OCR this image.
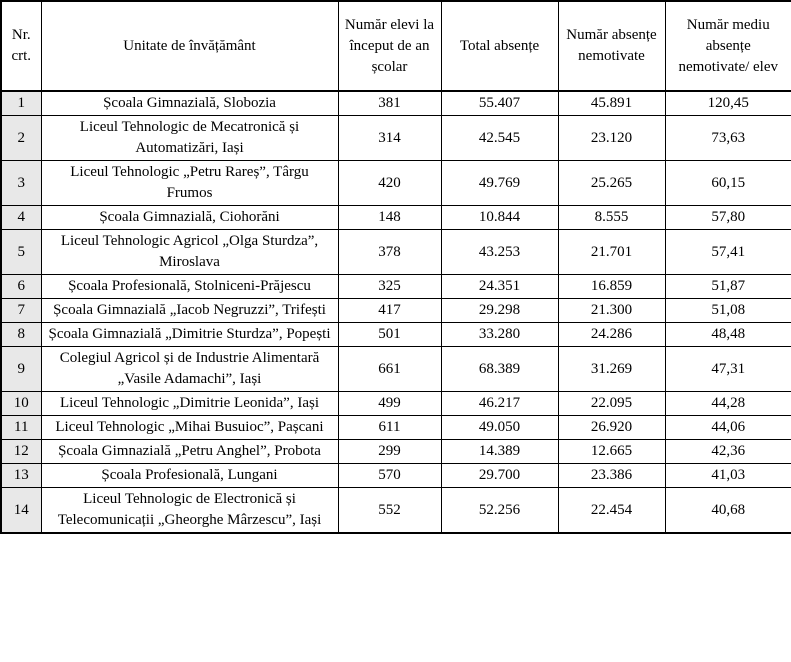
Nr. crt.	Unitate de învățământ	Număr elevi la început de an școlar	Total absențe	Număr absențe nemotivate	Număr mediu absențe nemotivate/ elev
1	Școala Gimnazială, Slobozia	381	55.407	45.891	120,45
2	Liceul Tehnologic de Mecatronică și Automatizări, Iași	314	42.545	23.120	73,63
3	Liceul Tehnologic „Petru Rareș”, Târgu Frumos	420	49.769	25.265	60,15
4	Școala Gimnazială, Ciohorăni	148	10.844	8.555	57,80
5	Liceul Tehnologic Agricol „Olga Sturdza”, Miroslava	378	43.253	21.701	57,41
6	Școala Profesională, Stolniceni-Prăjescu	325	24.351	16.859	51,87
7	Școala Gimnazială „Iacob Negruzzi”, Trifești	417	29.298	21.300	51,08
8	Școala Gimnazială „Dimitrie Sturdza”, Popești	501	33.280	24.286	48,48
9	Colegiul Agricol și de Industrie Alimentară „Vasile Adamachi”, Iași	661	68.389	31.269	47,31
10	Liceul Tehnologic „Dimitrie Leonida”, Iași	499	46.217	22.095	44,28
11	Liceul Tehnologic „Mihai Busuioc”, Pașcani	611	49.050	26.920	44,06
12	Școala Gimnazială „Petru Anghel”, Probota	299	14.389	12.665	42,36
13	Școala Profesională, Lungani	570	29.700	23.386	41,03
14	Liceul Tehnologic de Electronică și Telecomunicații „Gheorghe Mârzescu”, Iași	552	52.256	22.454	40,68
